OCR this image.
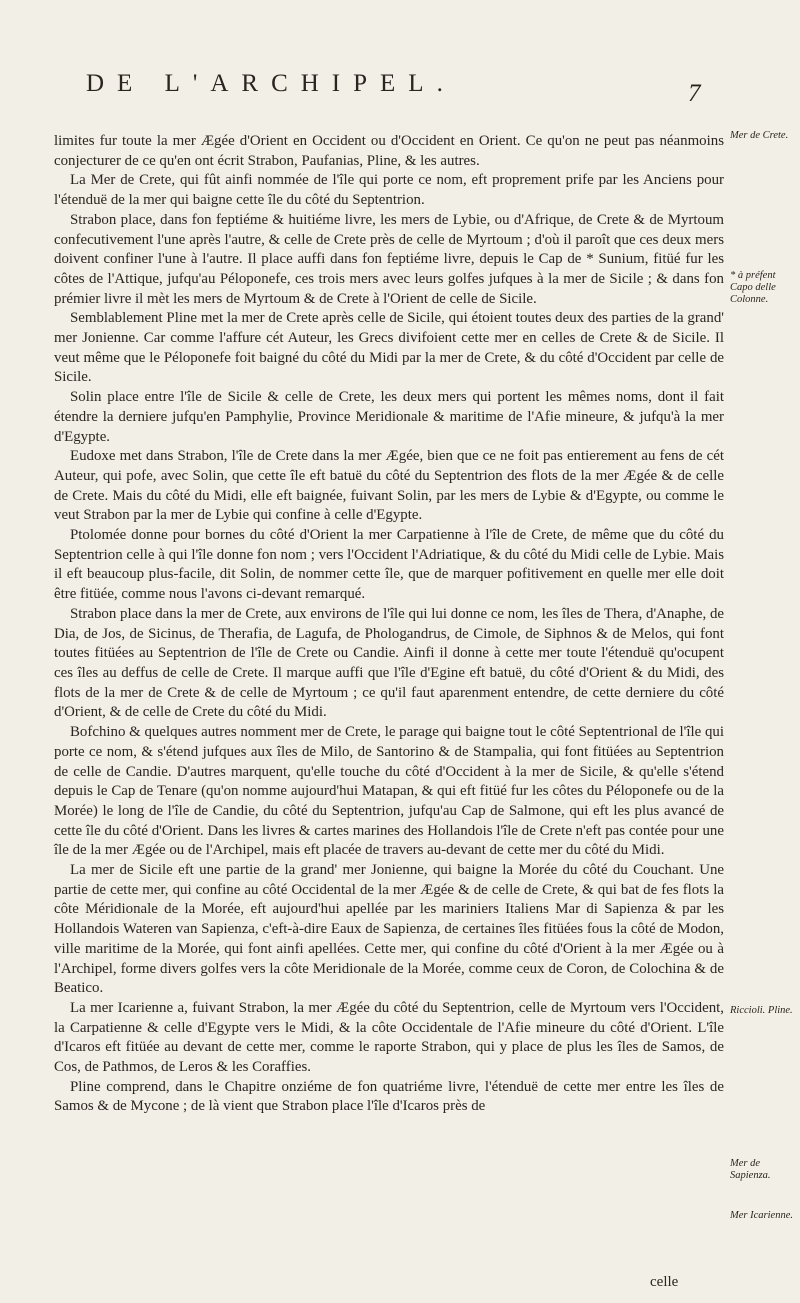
DE L'ARCHIPEL.	7

limites fur toute la mer Ægée d'Orient en Occident ou d'Occident en Orient. Ce qu'on ne peut pas néanmoins conjecturer de ce qu'en ont écrit Strabon, Paufanias, Pline, & les autres.

La Mer de Crete, qui fût ainfi nommée de l'île qui porte ce nom, eft proprement prife par les Anciens pour l'étenduë de la mer qui baigne cette île du côté du Septentrion.

Strabon place, dans fon feptiéme & huitiéme livre, les mers de Lybie, ou d'Afrique, de Crete & de Myrtoum confecutivement l'une après l'autre, & celle de Crete près de celle de Myrtoum ; d'où il paroît que ces deux mers doivent confiner l'une à l'autre. Il place auffi dans fon feptiéme livre, depuis le Cap de * Sunium, fitüé fur les côtes de l'Attique, jufqu'au Péloponefe, ces trois mers avec leurs golfes jufques à la mer de Sicile ; & dans fon prémier livre il mèt les mers de Myrtoum & de Crete à l'Orient de celle de Sicile.

Semblablement Pline met la mer de Crete après celle de Sicile, qui étoient toutes deux des parties de la grand' mer Jonienne. Car comme l'affure cét Auteur, les Grecs divifoient cette mer en celles de Crete & de Sicile. Il veut même que le Péloponefe foit baigné du côté du Midi par la mer de Crete, & du côté d'Occident par celle de Sicile.

Solin place entre l'île de Sicile & celle de Crete, les deux mers qui portent les mêmes noms, dont il fait étendre la derniere jufqu'en Pamphylie, Province Meridionale & maritime de l'Afie mineure, & jufqu'à la mer d'Egypte.

Eudoxe met dans Strabon, l'île de Crete dans la mer Ægée, bien que ce ne foit pas entierement au fens de cét Auteur, qui pofe, avec Solin, que cette île eft batuë du côté du Septentrion des flots de la mer Ægée & de celle de Crete. Mais du côté du Midi, elle eft baignée, fuivant Solin, par les mers de Lybie & d'Egypte, ou comme le veut Strabon par la mer de Lybie qui confine à celle d'Egypte.

Ptolomée donne pour bornes du côté d'Orient la mer Carpatienne à l'île de Crete, de même que du côté du Septentrion celle à qui l'île donne fon nom ; vers l'Occident l'Adriatique, & du côté du Midi celle de Lybie. Mais il eft beaucoup plus-facile, dit Solin, de nommer cette île, que de marquer pofitivement en quelle mer elle doit être fitüée, comme nous l'avons ci-devant remarqué.

Strabon place dans la mer de Crete, aux environs de l'île qui lui donne ce nom, les îles de Thera, d'Anaphe, de Dia, de Jos, de Sicinus, de Therafia, de Lagufa, de Phologandrus, de Cimole, de Siphnos & de Melos, qui font toutes fitüées au Septentrion de l'île de Crete ou Candie. Ainfi il donne à cette mer toute l'étenduë qu'ocupent ces îles au deffus de celle de Crete. Il marque auffi que l'île d'Egine eft batuë, du côté d'Orient & du Midi, des flots de la mer de Crete & de celle de Myrtoum ; ce qu'il faut aparenment entendre, de cette derniere du côté d'Orient, & de celle de Crete du côté du Midi.

Bofchino & quelques autres nomment mer de Crete, le parage qui baigne tout le côté Septentrional de l'île qui porte ce nom, & s'étend jufques aux îles de Milo, de Santorino & de Stampalia, qui font fitüées au Septentrion de celle de Candie. D'autres marquent, qu'elle touche du côté d'Occident à la mer de Sicile, & qu'elle s'étend depuis le Cap de Tenare (qu'on nomme aujourd'hui Matapan, & qui eft fitüé fur les côtes du Péloponefe ou de la Morée) le long de l'île de Candie, du côté du Septentrion, jufqu'au Cap de Salmone, qui eft les plus avancé de cette île du côté d'Orient. Dans les livres & cartes marines des Hollandois l'île de Crete n'eft pas contée pour une île de la mer Ægée ou de l'Archipel, mais eft placée de travers au-devant de cette mer du côté du Midi.

La mer de Sicile eft une partie de la grand' mer Jonienne, qui baigne la Morée du côté du Couchant. Une partie de cette mer, qui confine au côté Occidental de la mer Ægée & de celle de Crete, & qui bat de fes flots la côte Méridionale de la Morée, eft aujourd'hui apellée par les mariniers Italiens Mar di Sapienza & par les Hollandois Wateren van Sapienza, c'eft-à-dire Eaux de Sapienza, de certaines îles fitüées fous la côté de Modon, ville maritime de la Morée, qui font ainfi apellées. Cette mer, qui confine du côté d'Orient à la mer Ægée ou à l'Archipel, forme divers golfes vers la côte Meridionale de la Morée, comme ceux de Coron, de Colochina & de Beatico.

La mer Icarienne a, fuivant Strabon, la mer Ægée du côté du Septentrion, celle de Myrtoum vers l'Occident, la Carpatienne & celle d'Egypte vers le Midi, & la côte Occidentale de l'Afie mineure du côté d'Orient. L'île d'Icaros eft fitüée au devant de cette mer, comme le raporte Strabon, qui y place de plus les îles de Samos, de Cos, de Pathmos, de Leros & les Coraffies.

Pline comprend, dans le Chapitre onziéme de fon quatriéme livre, l'étenduë de cette mer entre les îles de Samos & de Mycone ; de là vient que Strabon place l'île d'Icaros près de

Mer de Crete.
* à préfent Capo delle Colonne.
Riccioli. Pline.
Mer de Sapienza.
Mer Icarienne.
celle
